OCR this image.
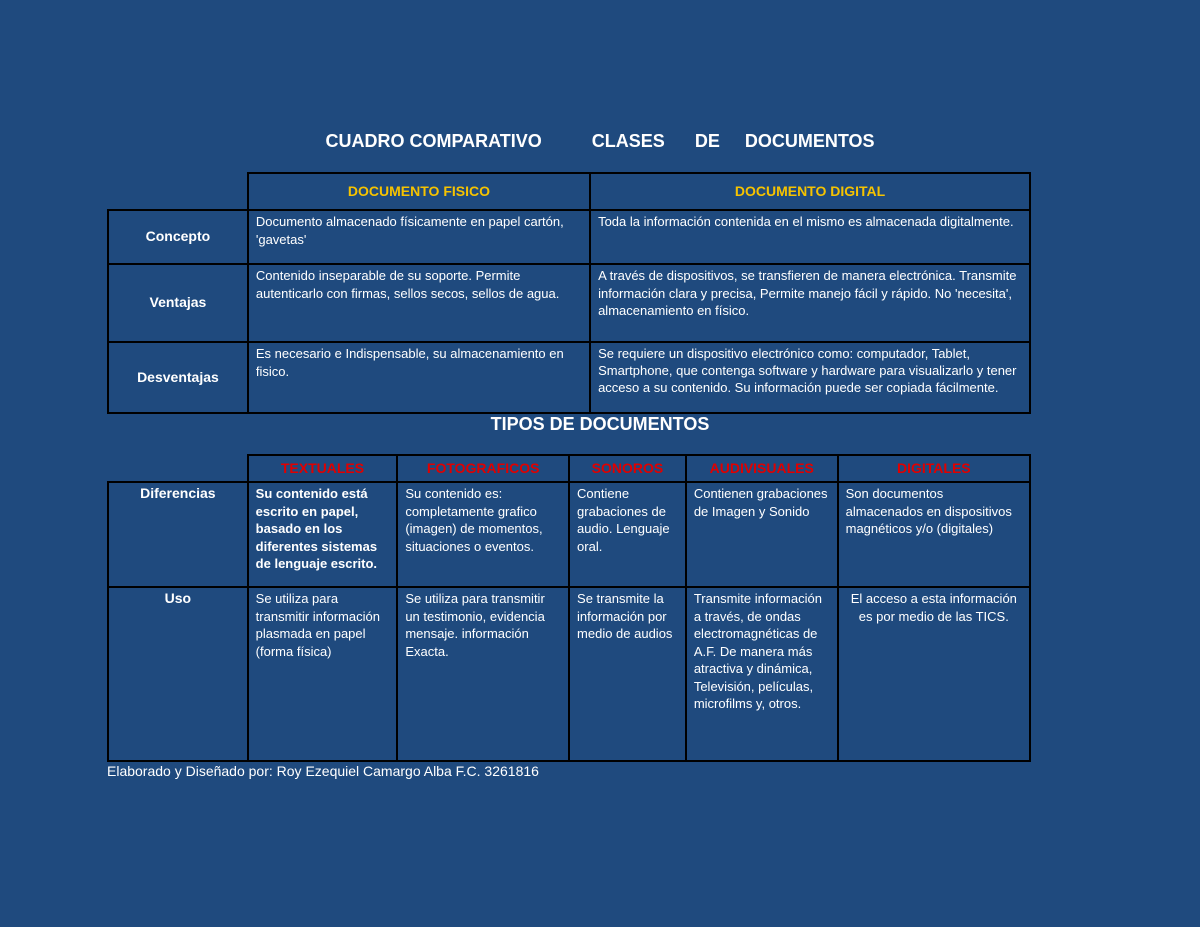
CUADRO COMPARATIVO	CLASES DE DOCUMENTOS
	DOCUMENTO FISICO	DOCUMENTO DIGITAL
Concepto	Documento almacenado físicamente en papel cartón, 'gavetas'	Toda la información contenida en el mismo es almacenada digitalmente.
Ventajas	Contenido inseparable de su soporte. Permite autenticarlo con firmas, sellos secos, sellos de agua.	A través de dispositivos, se transfieren de manera electrónica. Transmite información clara y precisa, Permite manejo fácil y rápido. No 'necesita', almacenamiento en físico.
Desventajas	Es necesario e Indispensable, su almacenamiento en fisico.	Se requiere un dispositivo electrónico como: computador, Tablet, Smartphone, que contenga software y hardware para visualizarlo y tener acceso a su contenido. Su información puede ser copiada fácilmente.
TIPOS DE DOCUMENTOS
	TEXTUALES	FOTOGRAFICOS	SONOROS	AUDIVISUALES	DIGITALES
Diferencias	Su contenido está escrito en papel, basado en los diferentes sistemas de lenguaje escrito.	Su contenido es: completamente grafico (imagen) de momentos, situaciones o eventos.	Contiene grabaciones de audio. Lenguaje oral.	Contienen grabaciones de Imagen y Sonido	Son documentos almacenados en dispositivos magnéticos y/o (digitales)
Uso	Se utiliza para transmitir información plasmada en papel (forma física)	Se utiliza para transmitir un testimonio, evidencia mensaje. información Exacta.	Se transmite la información por medio de audios	Transmite información a través, de ondas electromagnéticas de A.F. De manera más atractiva y dinámica, Televisión, películas, microfilms y, otros.	El acceso a esta información es por medio de las TICS.
Elaborado y Diseñado por: Roy Ezequiel Camargo Alba F.C. 3261816
